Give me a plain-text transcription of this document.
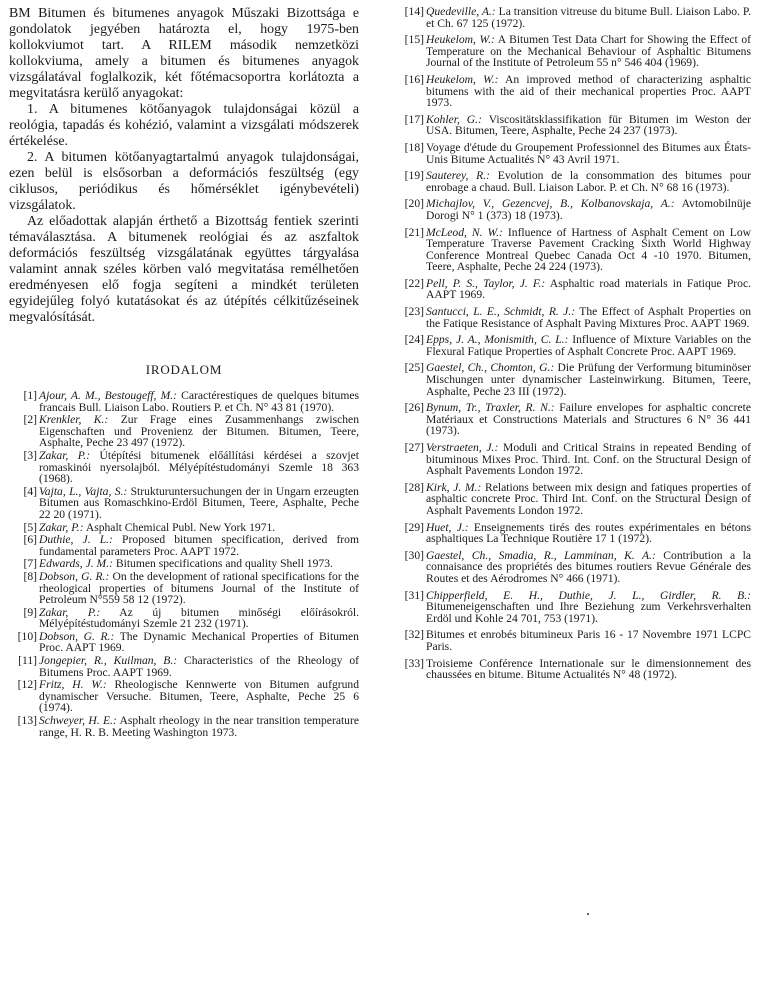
BM Bitumen és bitumenes anyagok Műszaki Bizottsága e gondolatok jegyében határozta el, hogy 1975-ben kollokviumot tart. A RILEM második nemzetközi kollokviuma, amely a bitumen és bitumenes anyagok vizsgálatával foglalkozik, két főtémacsoportra korlátozta a megvitatásra kerülő anyagokat:

1. A bitumenes kötőanyagok tulajdonságai közül a reológia, tapadás és kohézió, valamint a vizsgálati módszerek értékelése.

2. A bitumen kötőanyagtartalmú anyagok tulajdonságai, ezen belül is elsősorban a deformációs feszültség (egy ciklusos, periódikus és hőmérséklet igénybevételi) vizsgálatok.

Az előadottak alapján érthető a Bizottság fentiek szerinti témaválasztása. A bitumenek reológiai és az aszfaltok deformációs feszültség vizsgálatának együttes tárgyalása valamint annak széles körben való megvitatása remélhetően eredményesen elő fogja segíteni a mindkét területen egyidejűleg folyó kutatásokat és az útépítés célkitűzéseinek megvalósítását.

IRODALOM
[1] Ajour, A. M., Bestougeff, M.: Caractérestiques de quelques bitumes francais Bull. Liaison Labo. Routiers P. et Ch. N° 43 81 (1970).
[2] Krenkler, K.: Zur Frage eines Zusammenhangs zwischen Eigenschaften und Provenienz der Bitumen. Bitumen, Teere, Asphalte, Peche 23 497 (1972).
[3] Zakar, P.: Útépítési bitumenek előállítási kérdései a szovjet romaskinói nyersolajból. Mélyépítéstudományi Szemle 18 363 (1968).
[4] Vajta, L., Vajta, S.: Strukturuntersuchungen der in Ungarn erzeugten Bitumen aus Romaschkino-Erdöl Bitumen, Teere, Asphalte, Peche 22 20 (1971).
[5] Zakar, P.: Asphalt Chemical Publ. New York 1971.
[6] Duthie, J. L.: Proposed bitumen specification, derived from fundamental parameters Proc. AAPT 1972.
[7] Edwards, J. M.: Bitumen specifications and quality Shell 1973.
[8] Dobson, G. R.: On the development of rational specifications for the rheological properties of bitumens Journal of the Institute of Petroleum N°559 58 12 (1972).
[9] Zakar, P.: Az új bitumen minőségi előírásokról. Mélyépítéstudományi Szemle 21 232 (1971).
[10] Dobson, G. R.: The Dynamic Mechanical Properties of Bitumen Proc. AAPT 1969.
[11] Jongepier, R., Kuilman, B.: Characteristics of the Rheology of Bitumens Proc. AAPT 1969.
[12] Fritz, H. W.: Rheologische Kennwerte von Bitumen aufgrund dynamischer Versuche. Bitumen, Teere, Asphalte, Peche 25 6 (1974).
[13] Schweyer, H. E.: Asphalt rheology in the near transition temperature range, H. R. B. Meeting Washington 1973.
[14] Quedeville, A.: La transition vitreuse du bitume Bull. Liaison Labo. P. et Ch. 67 125 (1972).
[15] Heukelom, W.: A Bitumen Test Data Chart for Showing the Effect of Temperature on the Mechanical Behaviour of Asphaltic Bitumens Journal of the Institute of Petroleum 55 n° 546 404 (1969).
[16] Heukelom, W.: An improved method of characterizing asphaltic bitumens with the aid of their mechanical properties Proc. AAPT 1973.
[17] Kohler, G.: Viscositätsklassifikation für Bitumen im Weston der USA. Bitumen, Teere, Asphalte, Peche 24 237 (1973).
[18] Voyage d'étude du Groupement Professionnel des Bitumes aux États-Unis Bitume Actualités N° 43 Avril 1971.
[19] Sauterey, R.: Evolution de la consommation des bitumes pour enrobage a chaud. Bull. Liaison Labor. P. et Ch. N° 68 16 (1973).
[20] Michajlov, V., Gezencvej, B., Kolbanovskaja, A.: Avtomobilnüje Dorogi N° 1 (373) 18 (1973).
[21] McLeod, N. W.: Influence of Hartness of Asphalt Cement on Low Temperature Traverse Pavement Cracking Sixth World Highway Conference Montreal Quebec Canada Oct 4 -10 1970. Bitumen, Teere, Asphalte, Peche 24 224 (1973).
[22] Pell, P. S., Taylor, J. F.: Asphaltic road materials in Fatique Proc. AAPT 1969.
[23] Santucci, L. E., Schmidt, R. J.: The Effect of Asphalt Properties on the Fatique Resistance of Asphalt Paving Mixtures Proc. AAPT 1969.
[24] Epps, J. A., Monismith, C. L.: Influence of Mixture Variables on the Flexural Fatique Properties of Asphalt Concrete Proc. AAPT 1969.
[25] Gaestel, Ch., Chomton, G.: Die Prüfung der Verformung bituminöser Mischungen unter dynamischer Lasteinwirkung. Bitumen, Teere, Asphalte, Peche 23 III (1972).
[26] Bynum, Tr., Traxler, R. N.: Failure envelopes for asphaltic concrete Matériaux et Constructions Materials and Structures 6 N° 36 441 (1973).
[27] Verstraeten, J.: Moduli and Critical Strains in repeated Bending of bituminous Mixes Proc. Third. Int. Conf. on the Structural Design of Asphalt Pavements London 1972.
[28] Kirk, J. M.: Relations between mix design and fatiques properties of asphaltic concrete Proc. Third Int. Conf. on the Structural Design of Asphalt Pavements London 1972.
[29] Huet, J.: Enseignements tirés des routes expérimentales en bétons asphaltiques La Technique Routière 17 1 (1972).
[30] Gaestel, Ch., Smadia, R., Lamminan, K. A.: Contribution a la connaisance des propriétés des bitumes routiers Revue Générale des Routes et des Aérodromes N° 466 (1971).
[31] Chipperfield, E. H., Duthie, J. L., Girdler, R. B.: Bitumeneigenschaften und Ihre Beziehung zum Verkehrsverhalten Erdöl und Kohle 24 701, 753 (1971).
[32] Bitumes et enrobés bitumineux Paris 16 - 17 Novembre 1971 LCPC Paris.
[33] Troisieme Conférence Internationale sur le dimensionnement des chaussées en bitume. Bitume Actualités N° 48 (1972).
